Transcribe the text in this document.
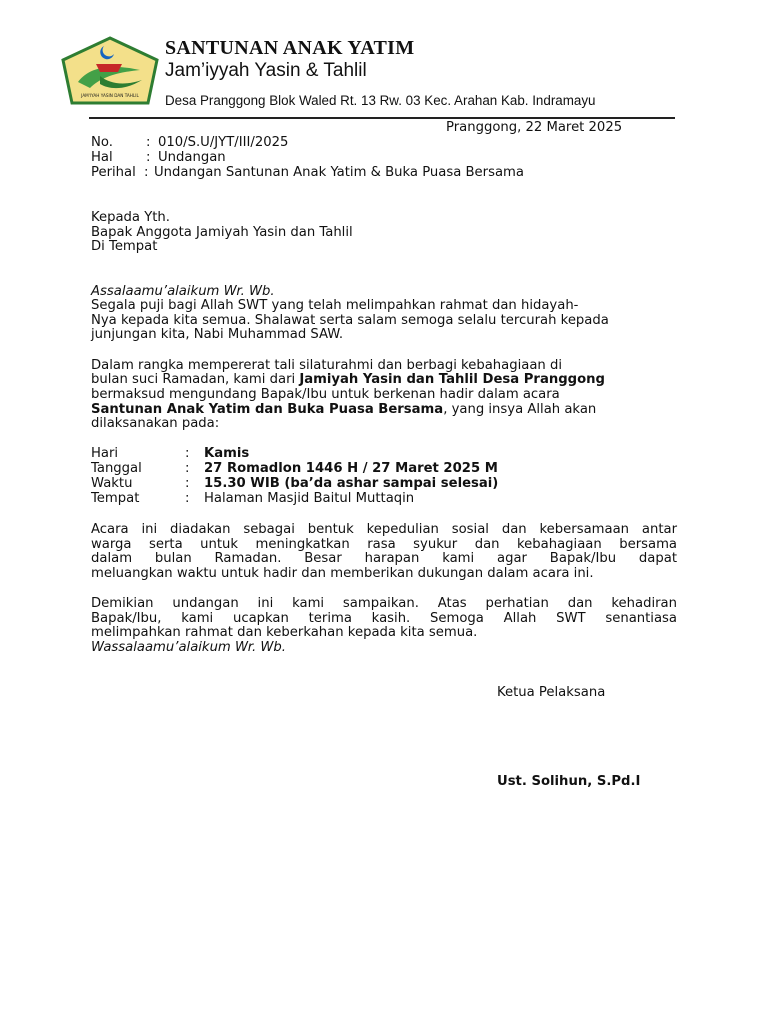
JAM'IYAH YASIN DAN TAHLIL
SANTUNAN ANAK YATIM
Jam’iyyah Yasin & Tahlil
Desa Pranggong Blok Waled Rt. 13 Rw. 03 Kec. Arahan Kab. Indramayu
Pranggong, 22 Maret 2025
No.	: 010/S.U/JYT/III/2025
Hal	: Undangan
Perihal : Undangan Santunan Anak Yatim & Buka Puasa Bersama
Kepada Yth.
Bapak Anggota Jamiyah Yasin dan Tahlil
Di Tempat
Assalaamu’alaikum Wr. Wb.
Segala puji bagi Allah SWT yang telah melimpahkan rahmat dan hidayah-
Nya kepada kita semua. Shalawat serta salam semoga selalu tercurah kepada
junjungan kita, Nabi Muhammad SAW.
Dalam rangka mempererat tali silaturahmi dan berbagi kebahagiaan di
bulan suci Ramadan, kami dari Jamiyah Yasin dan Tahlil Desa Pranggong
bermaksud mengundang Bapak/Ibu untuk berkenan hadir dalam acara
Santunan Anak Yatim dan Buka Puasa Bersama, yang insya Allah akan
dilaksanakan pada:
Hari	: Kamis
Tanggal	: 27 Romadlon 1446 H / 27 Maret 2025 M
Waktu	: 15.30 WIB (ba’da ashar sampai selesai)
Tempat	: Halaman Masjid Baitul Muttaqin
Acara ini diadakan sebagai bentuk kepedulian sosial dan kebersamaan antar
warga serta untuk meningkatkan rasa syukur dan kebahagiaan bersama
dalam bulan Ramadan. Besar harapan kami agar Bapak/Ibu dapat
meluangkan waktu untuk hadir dan memberikan dukungan dalam acara ini.
Demikian undangan ini kami sampaikan. Atas perhatian dan kehadiran
Bapak/Ibu, kami ucapkan terima kasih. Semoga Allah SWT senantiasa
melimpahkan rahmat dan keberkahan kepada kita semua.
Wassalaamu’alaikum Wr. Wb.
Ketua Pelaksana
Ust. Solihun, S.Pd.I
